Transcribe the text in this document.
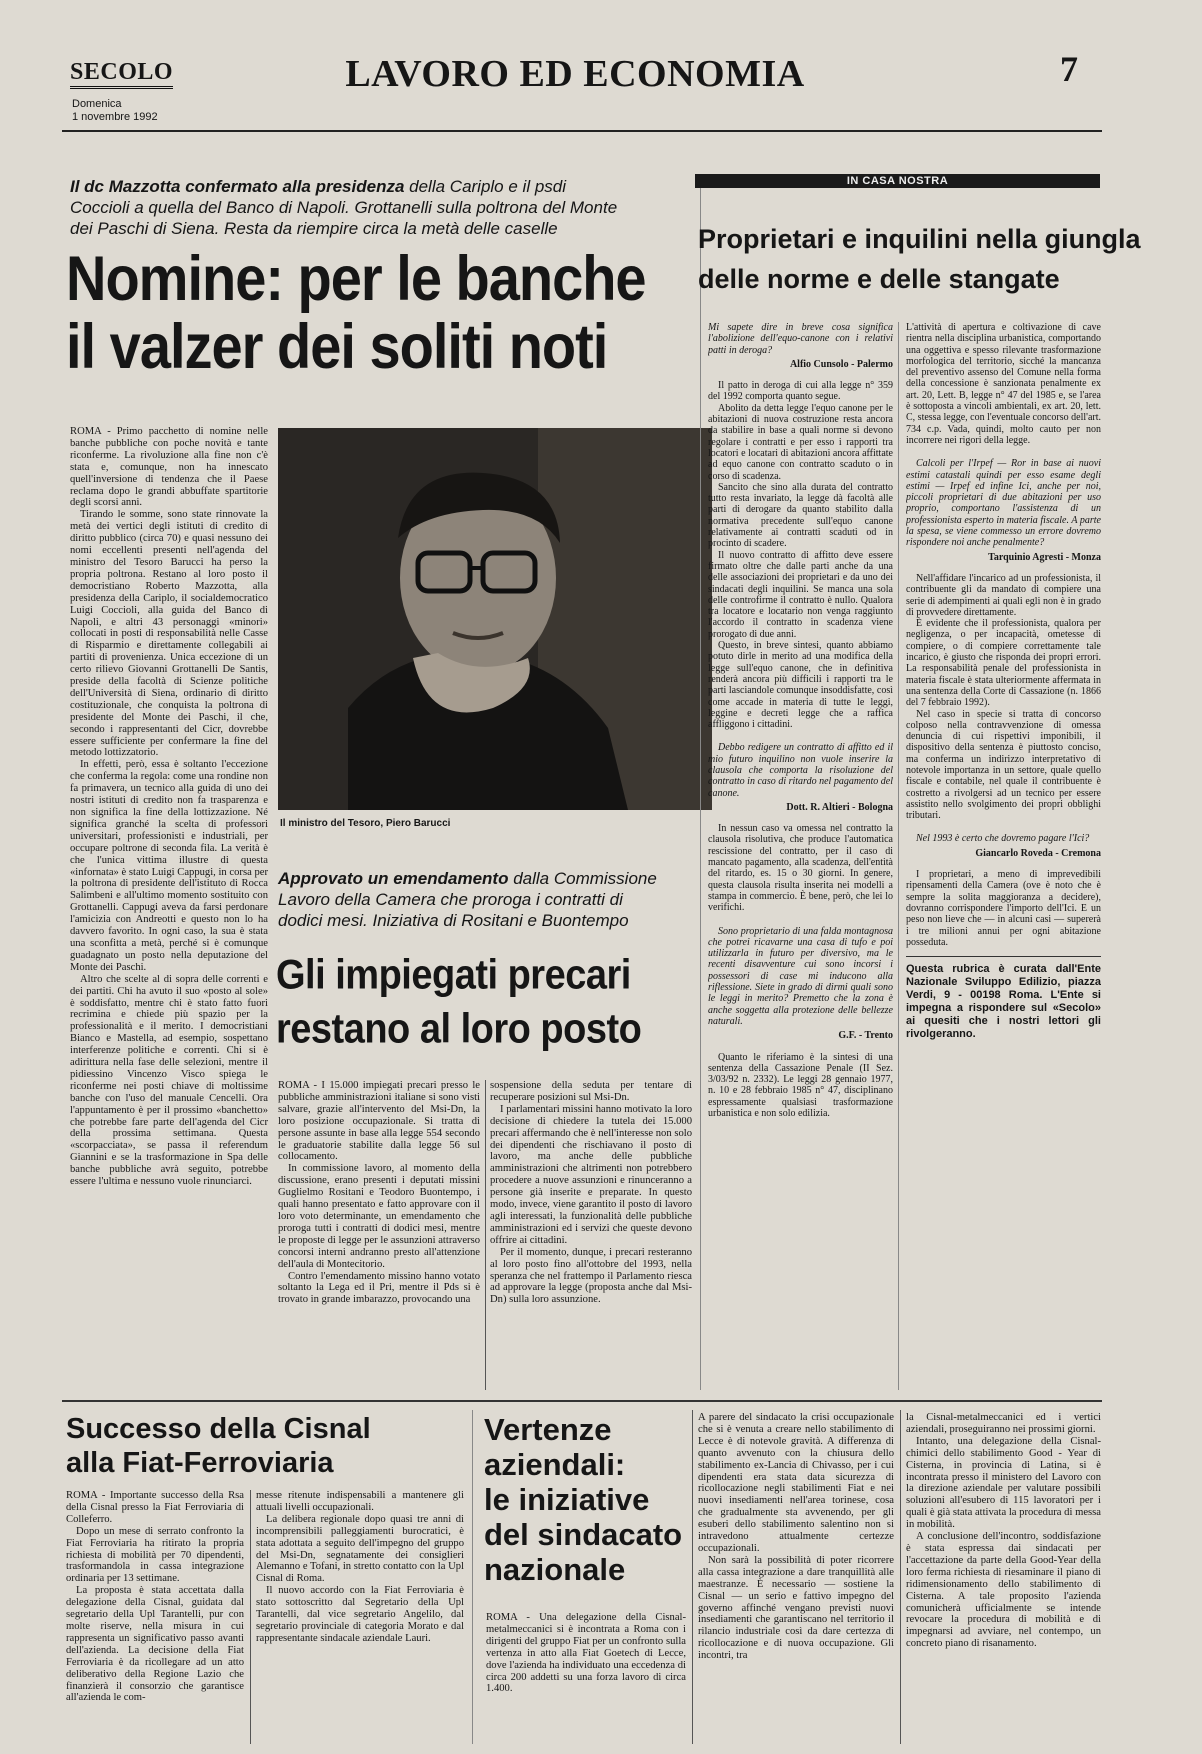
SECOLO
Domenica
1 novembre 1992
LAVORO ED ECONOMIA	7
Il dc Mazzotta confermato alla presidenza della Cariplo e il psdi Coccioli a quella del Banco di Napoli. Grottanelli sulla poltrona del Monte dei Paschi di Siena. Resta da riempire circa la metà delle caselle
Nomine: per le banche
il valzer dei soliti noti

ROMA - Primo pacchetto di nomine nelle banche pubbliche con poche novità e tante riconferme. La rivoluzione alla fine non c'è stata e, comunque, non ha innescato quell'inversione di tendenza che il Paese reclama dopo le grandi abbuffate spartitorie degli scorsi anni.

Tirando le somme, sono state rinnovate la metà dei vertici degli istituti di credito di diritto pubblico (circa 70) e quasi nessuno dei nomi eccellenti presenti nell'agenda del ministro del Tesoro Barucci ha perso la propria poltrona. Restano al loro posto il democristiano Roberto Mazzotta, alla presidenza della Cariplo, il socialdemocratico Luigi Coccioli, alla guida del Banco di Napoli, e altri 43 personaggi «minori» collocati in posti di responsabilità nelle Casse di Risparmio e direttamente collegabili ai partiti di provenienza. Unica eccezione di un certo rilievo Giovanni Grottanelli De Santis, preside della facoltà di Scienze politiche dell'Università di Siena, ordinario di diritto costituzionale, che conquista la poltrona di presidente del Monte dei Paschi, il che, secondo i rappresentanti del Cicr, dovrebbe essere sufficiente per confermare la fine del metodo lottizzatorio.

In effetti, però, essa è soltanto l'eccezione che conferma la regola: come una rondine non fa primavera, un tecnico alla guida di uno dei nostri istituti di credito non fa trasparenza e non significa la fine della lottizzazione. Né significa granché la scelta di professori universitari, professionisti e industriali, per occupare poltrone di seconda fila. La verità è che l'unica vittima illustre di questa «infornata» è stato Luigi Cappugi, in corsa per la poltrona di presidente dell'istituto di Rocca Salimbeni e all'ultimo momento sostituito con Grottanelli. Cappugi aveva da farsi perdonare l'amicizia con Andreotti e questo non lo ha davvero favorito. In ogni caso, la sua è stata una sconfitta a metà, perché si è comunque guadagnato un posto nella deputazione del Monte dei Paschi.

Altro che scelte al di sopra delle correnti e dei partiti. Chi ha avuto il suo «posto al sole» è soddisfatto, mentre chi è stato fatto fuori recrimina e chiede più spazio per la professionalità e il merito. I democristiani Bianco e Mastella, ad esempio, sospettano interferenze politiche e correnti. Chi si è adirittura nella fase delle selezioni, mentre il pidiessino Vincenzo Visco spiega le riconferme nei posti chiave di moltissime banche con l'uso del manuale Cencelli. Ora l'appuntamento è per il prossimo «banchetto» che potrebbe fare parte dell'agenda del Cicr della prossima settimana. Questa «scorpacciata», se passa il referendum Giannini e se la trasformazione in Spa delle banche pubbliche avrà seguito, potrebbe essere l'ultima e nessuno vuole rinunciarci.

Il ministro del Tesoro, Piero Barucci
Approvato un emendamento dalla Commissione Lavoro della Camera che proroga i contratti di dodici mesi. Iniziativa di Rositani e Buontempo
Gli impiegati precari
restano al loro posto

ROMA - I 15.000 impiegati precari presso le pubbliche amministrazioni italiane si sono visti salvare, grazie all'intervento del Msi-Dn, la loro posizione occupazionale. Si tratta di persone assunte in base alla legge 554 secondo le graduatorie stabilite dalla legge 56 sul collocamento.

In commissione lavoro, al momento della discussione, erano presenti i deputati missini Guglielmo Rositani e Teodoro Buontempo, i quali hanno presentato e fatto approvare con il loro voto determinante, un emendamento che proroga tutti i contratti di dodici mesi, mentre le proposte di legge per le assunzioni attraverso concorsi interni andranno presto all'attenzione dell'aula di Montecitorio.

Contro l'emendamento missino hanno votato soltanto la Lega ed il Pri, mentre il Pds si è trovato in grande imbarazzo, provocando una

sospensione della seduta per tentare di recuperare posizioni sul Msi-Dn.

I parlamentari missini hanno motivato la loro decisione di chiedere la tutela dei 15.000 precari affermando che è nell'interesse non solo dei dipendenti che rischiavano il posto di lavoro, ma anche delle pubbliche amministrazioni che altrimenti non potrebbero procedere a nuove assunzioni e rinunceranno a persone già inserite e preparate. In questo modo, invece, viene garantito il posto di lavoro agli interessati, la funzionalità delle pubbliche amministrazioni ed i servizi che queste devono offrire ai cittadini.

Per il momento, dunque, i precari resteranno al loro posto fino all'ottobre del 1993, nella speranza che nel frattempo il Parlamento riesca ad approvare la legge (proposta anche dal Msi-Dn) sulla loro assunzione.

IN CASA NOSTRA
Proprietari e inquilini nella giungla
delle norme e delle stangate

Mi sapete dire in breve cosa significa l'abolizione dell'equo-canone con i relativi patti in deroga?

Alfio Cunsolo - Palermo

Il patto in deroga di cui alla legge n° 359 del 1992 comporta quanto segue.

Abolito da detta legge l'equo canone per le abitazioni di nuova costruzione resta ancora da stabilire in base a quali norme si devono regolare i contratti e per esso i rapporti tra locatori e locatari di abitazioni ancora affittate ad equo canone con contratto scaduto o in corso di scadenza.

Sancito che sino alla durata del contratto tutto resta invariato, la legge dà facoltà alle parti di derogare da quanto stabilito dalla normativa precedente sull'equo canone relativamente ai contratti scaduti od in procinto di scadere.

Il nuovo contratto di affitto deve essere firmato oltre che dalle parti anche da una delle associazioni dei proprietari e da uno dei sindacati degli inquilini. Se manca una sola delle controfirme il contratto è nullo. Qualora tra locatore e locatario non venga raggiunto l'accordo il contratto in scadenza viene prorogato di due anni.

Questo, in breve sintesi, quanto abbiamo potuto dirle in merito ad una modifica della legge sull'equo canone, che in definitiva renderà ancora più difficili i rapporti tra le parti lasciandole comunque insoddisfatte, così come accade in materia di tutte le leggi, leggine e decreti legge che a raffica affliggono i cittadini.

Debbo redigere un contratto di affitto ed il mio futuro inquilino non vuole inserire la clausola che comporta la risoluzione del contratto in caso di ritardo nel pagamento del canone.

Dott. R. Altieri - Bologna

In nessun caso va omessa nel contratto la clausola risolutiva, che produce l'automatica rescissione del contratto, per il caso di mancato pagamento, alla scadenza, dell'entità del ritardo, es. 15 o 30 giorni. In genere, questa clausola risulta inserita nei modelli a stampa in commercio. È bene, però, che lei lo verifichi.

Sono proprietario di una falda montagnosa che potrei ricavarne una casa di tufo e poi utilizzarla in futuro per diversivo, ma le recenti disavventure cui sono incorsi i possessori di case mi inducono alla riflessione. Siete in grado di dirmi quali sono le leggi in merito? Premetto che la zona è anche soggetta alla protezione delle bellezze naturali.

G.F. - Trento

Quanto le riferiamo è la sintesi di una sentenza della Cassazione Penale (II Sez. 3/03/92 n. 2332). Le leggi 28 gennaio 1977, n. 10 e 28 febbraio 1985 n° 47, disciplinano espressamente qualsiasi trasformazione urbanistica e non solo edilizia.

L'attività di apertura e coltivazione di cave rientra nella disciplina urbanistica, comportando una oggettiva e spesso rilevante trasformazione morfologica del territorio, sicché la mancanza del preventivo assenso del Comune nella forma della concessione è sanzionata penalmente ex art. 20, Lett. B, legge n° 47 del 1985 e, se l'area è sottoposta a vincoli ambientali, ex art. 20, lett. C, stessa legge, con l'eventuale concorso dell'art. 734 c.p. Vada, quindi, molto cauto per non incorrere nei rigori della legge.

Calcoli per l'Irpef — Ror in base ai nuovi estimi catastali quindi per esso esame degli estimi — Irpef ed infine Ici, anche per noi, piccoli proprietari di due abitazioni per uso proprio, comportano l'assistenza di un professionista esperto in materia fiscale. A parte la spesa, se viene commesso un errore dovremo rispondere noi anche penalmente?

Tarquinio Agresti - Monza

Nell'affidare l'incarico ad un professionista, il contribuente gli da mandato di compiere una serie di adempimenti ai quali egli non è in grado di provvedere direttamente.

È evidente che il professionista, qualora per negligenza, o per incapacità, ometesse di compiere, o di compiere correttamente tale incarico, è giusto che risponda dei propri errori. La responsabilità penale del professionista in materia fiscale è stata ulteriormente affermata in una sentenza della Corte di Cassazione (n. 1866 del 7 febbraio 1992).

Nel caso in specie si tratta di concorso colposo nella contravvenzione di omessa denuncia di cui rispettivi imponibili, il dispositivo della sentenza è piuttosto conciso, ma conferma un indirizzo interpretativo di notevole importanza in un settore, quale quello fiscale e contabile, nel quale il contribuente è costretto a rivolgersi ad un tecnico per essere assistito nello svolgimento dei propri obblighi tributari.

Nel 1993 è certo che dovremo pagare l'Ici?

Giancarlo Roveda - Cremona

I proprietari, a meno di imprevedibili ripensamenti della Camera (ove è noto che è sempre la solita maggioranza a decidere), dovranno corrispondere l'importo dell'Ici. E un peso non lieve che — in alcuni casi — supererà i tre milioni annui per ogni abitazione posseduta.

Questa rubrica è curata dall'Ente Nazionale Sviluppo Edilizio, piazza Verdi, 9 - 00198 Roma. L'Ente si impegna a rispondere sul «Secolo» ai quesiti che i nostri lettori gli rivolgeranno.
Successo della Cisnal
alla Fiat-Ferroviaria

ROMA - Importante successo della Rsa della Cisnal presso la Fiat Ferroviaria di Colleferro.

Dopo un mese di serrato confronto la Fiat Ferroviaria ha ritirato la propria richiesta di mobilità per 70 dipendenti, trasformandola in cassa integrazione ordinaria per 13 settimane.

La proposta è stata accettata dalla delegazione della Cisnal, guidata dal segretario della Upl Tarantelli, pur con molte riserve, nella misura in cui rappresenta un significativo passo avanti dell'azienda. La decisione della Fiat Ferroviaria è da ricollegare ad un atto deliberativo della Regione Lazio che finanzierà il consorzio che garantisce all'azienda le com-

messe ritenute indispensabili a mantenere gli attuali livelli occupazionali.

La delibera regionale dopo quasi tre anni di incomprensibili palleggiamenti burocratici, è stata adottata a seguito dell'impegno del gruppo del Msi-Dn, segnatamente dei consiglieri Alemanno e Tofani, in stretto contatto con la Upl Cisnal di Roma.

Il nuovo accordo con la Fiat Ferroviaria è stato sottoscritto dal Segretario della Upl Tarantelli, dal vice segretario Angelilo, dal segretario provinciale di categoria Morato e dal rappresentante sindacale aziendale Lauri.

Vertenze
aziendali:
le iniziative
del sindacato
nazionale

ROMA - Una delegazione della Cisnal-metalmeccanici si è incontrata a Roma con i dirigenti del gruppo Fiat per un confronto sulla vertenza in atto alla Fiat Goetech di Lecce, dove l'azienda ha individuato una eccedenza di circa 200 addetti su una forza lavoro di circa 1.400.

A parere del sindacato la crisi occupazionale che si è venuta a creare nello stabilimento di Lecce è di notevole gravità. A differenza di quanto avvenuto con la chiusura dello stabilimento ex-Lancia di Chivasso, per i cui dipendenti era stata data sicurezza di ricollocazione negli stabilimenti Fiat e nei nuovi insediamenti nell'area torinese, cosa che gradualmente sta avvenendo, per gli esuberi dello stabilimento salentino non si intravedono attualmente certezze occupazionali.

Non sarà la possibilità di poter ricorrere alla cassa integrazione a dare tranquillità alle maestranze. È necessario — sostiene la Cisnal — un serio e fattivo impegno del governo affinché vengano previsti nuovi insediamenti che garantiscano nel territorio il rilancio industriale così da dare certezza di ricollocazione e di nuova occupazione. Gli incontri, tra

la Cisnal-metalmeccanici ed i vertici aziendali, proseguiranno nei prossimi giorni.

Intanto, una delegazione della Cisnal-chimici dello stabilimento Good - Year di Cisterna, in provincia di Latina, si è incontrata presso il ministero del Lavoro con la direzione aziendale per valutare possibili soluzioni all'esubero di 115 lavoratori per i quali è già stata attivata la procedura di messa in mobilità.

A conclusione dell'incontro, soddisfazione è stata espressa dai sindacati per l'accettazione da parte della Good-Year della loro ferma richiesta di riesaminare il piano di ridimensionamento dello stabilimento di Cisterna. A tale proposito l'azienda comunicherà ufficialmente se intende revocare la procedura di mobilità e di impegnarsi ad avviare, nel contempo, un concreto piano di risanamento.
